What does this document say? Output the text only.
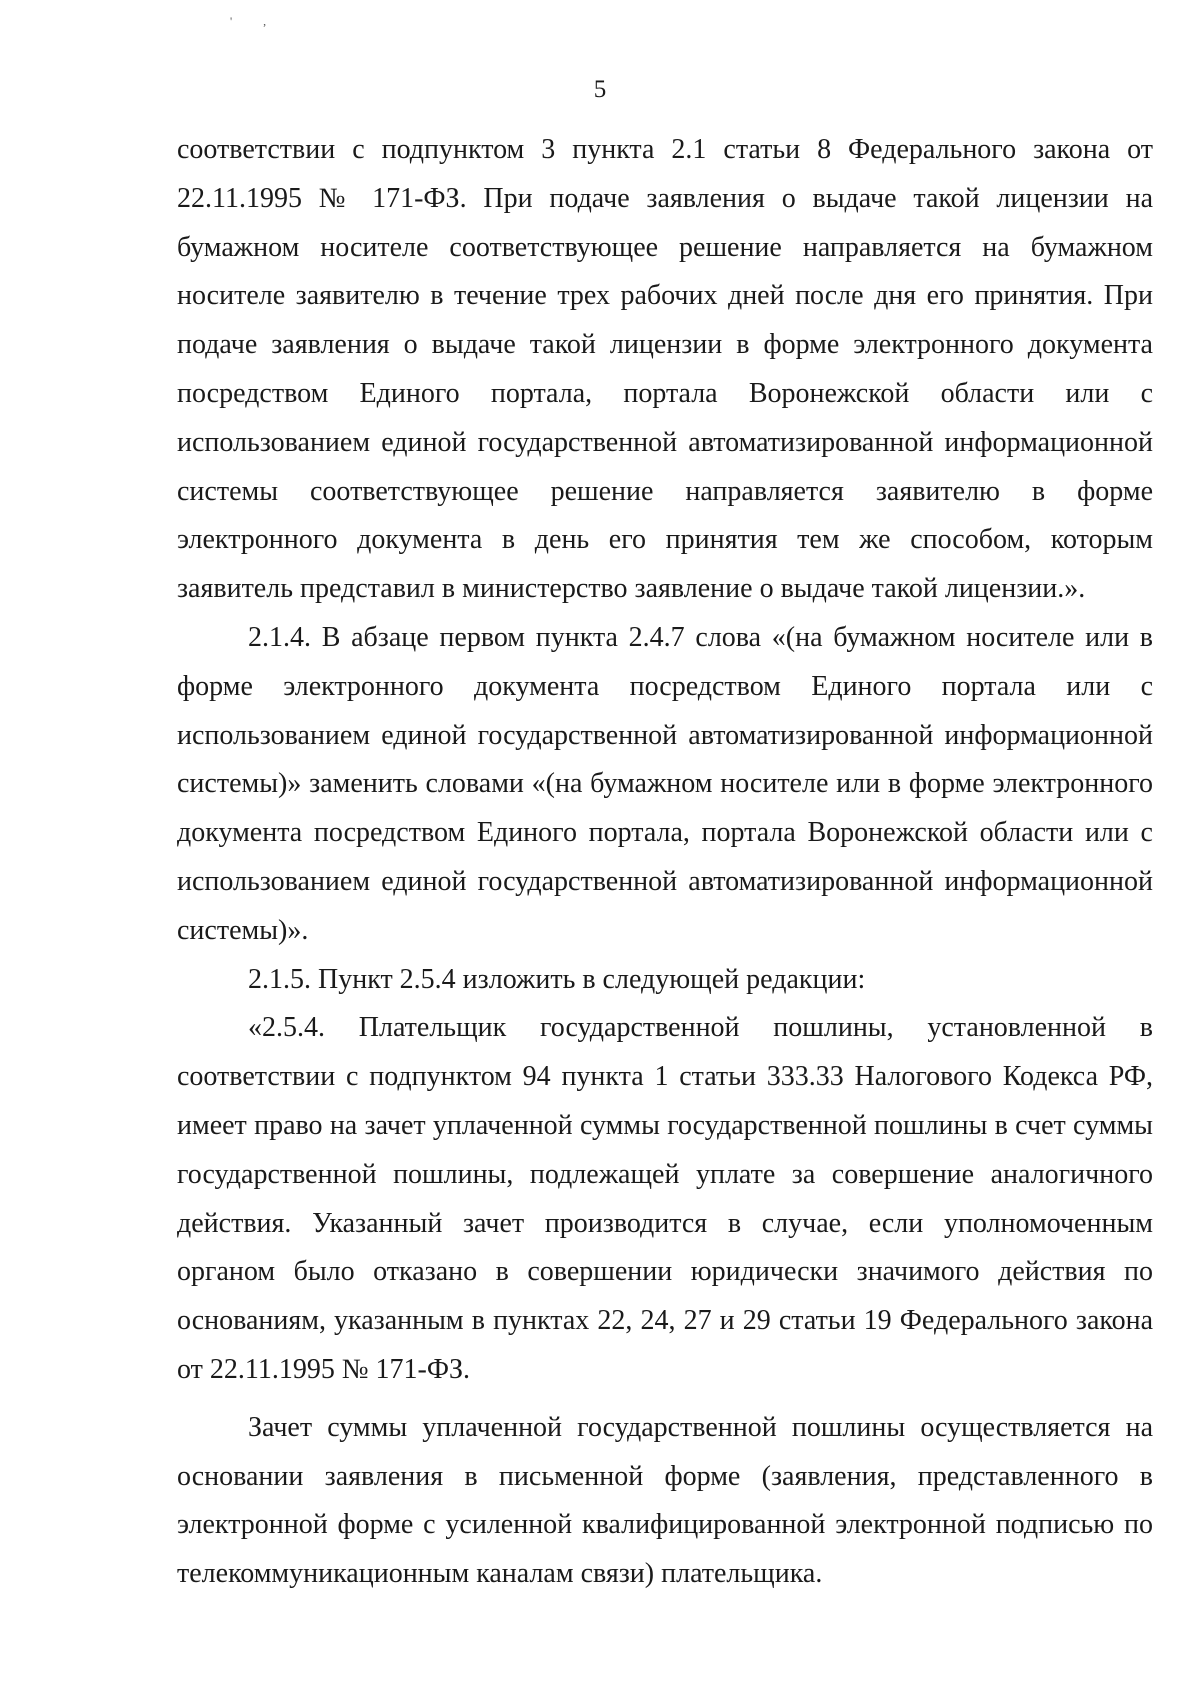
' ,
5

соответствии с подпунктом 3 пункта 2.1 статьи 8 Федерального закона от 22.11.1995 № 171-ФЗ. При подаче заявления о выдаче такой лицензии на бумажном носителе соответствующее решение направляется на бумажном носителе заявителю в течение трех рабочих дней после дня его принятия. При подаче заявления о выдаче такой лицензии в форме электронного документа посредством Единого портала, портала Воронежской области или с использованием единой государственной автоматизированной информационной системы соответствующее решение направляется заявителю в форме электронного документа в день его принятия тем же способом, которым заявитель представил в министерство заявление о выдаче такой лицензии.».

2.1.4. В абзаце первом пункта 2.4.7 слова «(на бумажном носителе или в форме электронного документа посредством Единого портала или с использованием единой государственной автоматизированной информационной системы)» заменить словами «(на бумажном носителе или в форме электронного документа посредством Единого портала, портала Воронежской области или с использованием единой государственной автоматизированной информационной системы)».

2.1.5. Пункт 2.5.4 изложить в следующей редакции:

«2.5.4. Плательщик государственной пошлины, установленной в соответствии с подпунктом 94 пункта 1 статьи 333.33 Налогового Кодекса РФ, имеет право на зачет уплаченной суммы государственной пошлины в счет суммы государственной пошлины, подлежащей уплате за совершение аналогичного действия. Указанный зачет производится в случае, если уполномоченным органом было отказано в совершении юридически значимого действия по основаниям, указанным в пунктах 22, 24, 27 и 29 статьи 19 Федерального закона от 22.11.1995 № 171-ФЗ.

Зачет суммы уплаченной государственной пошлины осуществляется на основании заявления в письменной форме (заявления, представленного в электронной форме с усиленной квалифицированной электронной подписью по телекоммуникационным каналам связи) плательщика.
